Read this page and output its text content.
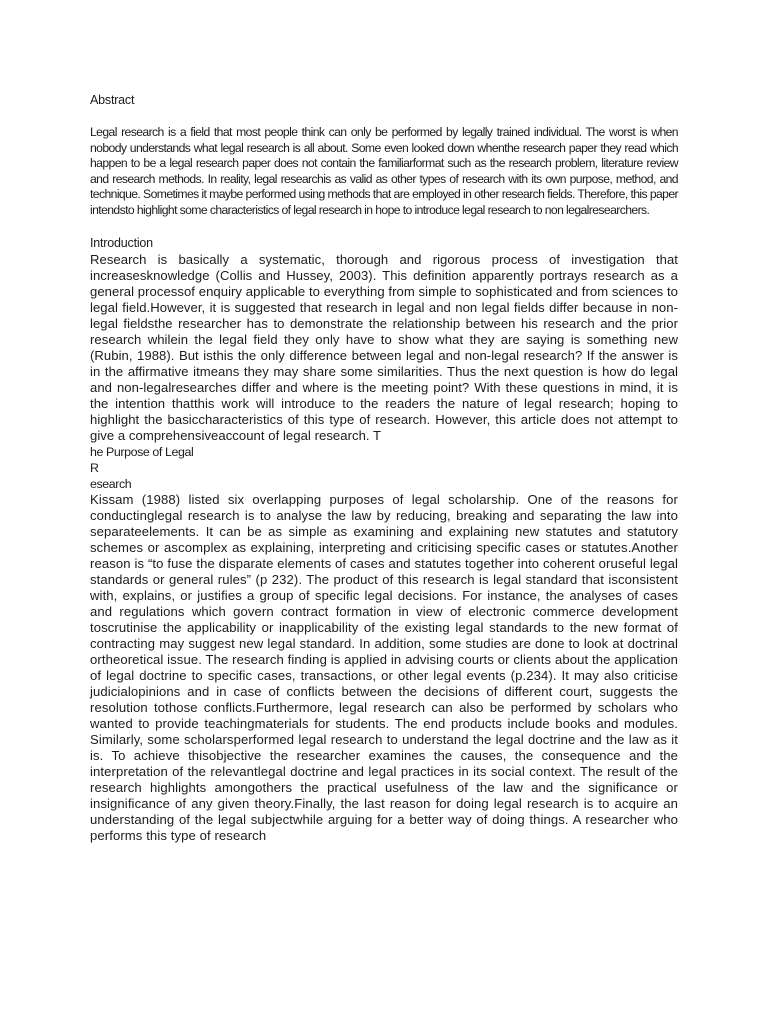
Abstract

Legal research is a field that most people think can only be performed by legally trained individual. The worst is when nobody understands what legal research is all about. Some even looked down whenthe research paper they read which happen to be a legal research paper does not contain the familiarformat such as the research problem, literature review and research methods. In reality, legal researchis as valid as other types of research with its own purpose, method, and technique. Sometimes it maybe performed using methods that are employed in other research fields. Therefore, this paper intendsto highlight some characteristics of legal research in hope to introduce legal research to non legalresearchers.

Introduction

Research is basically a systematic, thorough and rigorous process of investigation that increasesknowledge (Collis and Hussey, 2003). This definition apparently portrays research as a general processof enquiry applicable to everything from simple to sophisticated and from sciences to legal field.However, it is suggested that research in legal and non legal fields differ because in non-legal fieldsthe researcher has to demonstrate the relationship between his research and the prior research whilein the legal field they only have to show what they are saying is something new (Rubin, 1988). But isthis the only difference between legal and non-legal research? If the answer is in the affirmative itmeans they may share some similarities. Thus the next question is how do legal and non-legalresearches differ and where is the meeting point? With these questions in mind, it is the intention thatthis work will introduce to the readers the nature of legal research; hoping to highlight the basiccharacteristics of this type of research. However, this article does not attempt to give a comprehensiveaccount of legal research. T

he Purpose of Legal

R

esearch

Kissam (1988) listed six overlapping purposes of legal scholarship. One of the reasons for conductinglegal research is to analyse the law by reducing, breaking and separating the law into separateelements. It can be as simple as examining and explaining new statutes and statutory schemes or ascomplex as explaining, interpreting and criticising specific cases or statutes.Another reason is “to fuse the disparate elements of cases and statutes together into coherent oruseful legal standards or general rules” (p 232). The product of this research is legal standard that isconsistent with, explains, or justifies a group of specific legal decisions. For instance, the analyses of cases and regulations which govern contract formation in view of electronic commerce development toscrutinise the applicability or inapplicability of the existing legal standards to the new format of contracting may suggest new legal standard. In addition, some studies are done to look at doctrinal ortheoretical issue. The research finding is applied in advising courts or clients about the application of legal doctrine to specific cases, transactions, or other legal events (p.234). It may also criticise judicialopinions and in case of conflicts between the decisions of different court, suggests the resolution tothose conflicts.Furthermore, legal research can also be performed by scholars who wanted to provide teachingmaterials for students. The end products include books and modules. Similarly, some scholarsperformed legal research to understand the legal doctrine and the law as it is. To achieve thisobjective the researcher examines the causes, the consequence and the interpretation of the relevantlegal doctrine and legal practices in its social context. The result of the research highlights amongothers the practical usefulness of the law and the significance or insignificance of any given theory.Finally, the last reason for doing legal research is to acquire an understanding of the legal subjectwhile arguing for a better way of doing things. A researcher who performs this type of research
